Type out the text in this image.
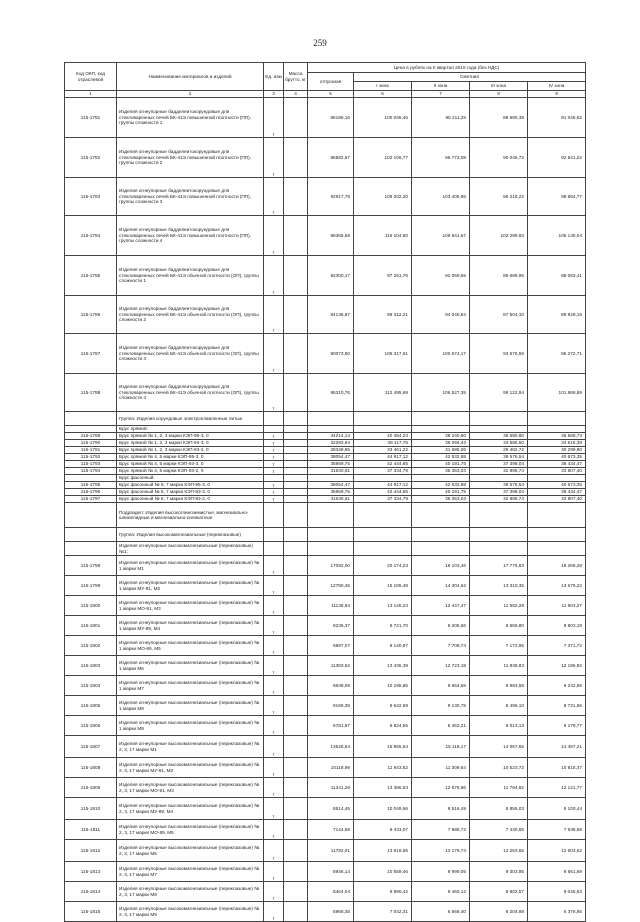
259
Код ОКП, код отраслевой	Наименование материалов и изделий	Ед. изм	Масса брутто, кг	Цена в рублях на II квартал 2016 года (без НДС)				
				отпускная	Сметная			
					I зона	II зона	III зона	IV зона
1	2	3	4	5	6	7	8	9
115-1781	Изделия огнеупорные бадделеитокорундовые для стекловаренных печей БК-41Э повышенной плотности (ПП), группы сложности 1	т		85186,16	100 046,45	95 211,25	89 590,38	91 046,62
115-1782	Изделия огнеупорные бадделеитокорундовые для стекловаренных печей БК-41Э повышенной плотности (ПП), группы сложности 2	т		86582,67	102 106,77	96 772,08	90 045,72	92 541,22
115-1783	Изделия огнеупорные бадделеитокорундовые для стекловаренных печей БК-41Э повышенной плотности (ПП), группы сложности 3	т		92917,78	109 202,20	103 405,96	96 218,22	98 884,77
115-1784	Изделия огнеупорные бадделеитокорундовые для стекловаренных печей БК-41Э повышенной плотности (ПП), группы сложности 4	т		98365,59	116 104,60	109 941,67	102 299,93	105 135,04
115-1785	Изделия огнеупорные бадделеитокорундовые для стекловаренных печей БК-41Э обычной плотности (ОП), группы сложности 1	т		82300,17	97 251,76	92 069,55	85 688,96	88 083,41
115-1786	Изделия огнеупорные бадделеитокорундовые для стекловаренных печей БК-41Э обычной плотности (ОП), группы сложности 2	т		84136,87	99 312,21	94 040,63	87 504,10	89 929,19
115-1787	Изделия огнеупорные бадделеитокорундовые для стекловаренных печей БК-41Э обычной плотности (ОП), группы сложности 3	т		90073,90	106 317,61	100 674,17	93 676,59	96 272,71
115-1788	Изделия огнеупорные бадделеитокорундовые для стекловаренных печей БК-41Э обычной плотности (ОП), группы сложности 4	т		95310,76	112 495,69	106 527,35	99 122,94	101 869,89
	Группа: Изделия корундовые электроплавленные литые							
	Брус прямой:							
115-1789	Брус прямой № 1, 2, 3 марки КЭП-95-3, 0	т		34214,14	40 384,23	38 240,60	35 580,80	36 568,73
115-1790	Брус прямой № 1, 2, 3 марки КЭП-93-3, 0	т		32293,94	38 117,75	36 094,43	33 585,60	34 516,38
115-1791	Брус прямой № 1, 2, 3 марки КЭП-93-2, 0	т		28348,85	33 461,22	31 685,06	29 482,72	30 299,80
115-1792	Брус прямой № 4, 5 марки КЭП-95-3, 0	т		38054,47	44 917,12	42 532,98	39 576,54	40 673,35
115-1793	Брус прямой № 4, 5 марки КЭП-93-3, 0	т		35959,75	42 444,65	40 191,75	37 398,04	38 434,47
115-1794	Брус прямой № 4, 5 марки КЭП-93-2, 0	т		31630,61	37 334,79	35 353,03	32 895,74	33 807,40
	Брус фасонный:							
115-1795	Брус фасонный № 6, 7 марки КЭП-95-3, 0	т		38054,47	44 917,12	42 532,98	39 576,54	40 673,35
115-1796	Брус фасонный № 6, 7 марки КЭП-93-3, 0	т		35959,75	42 444,65	40 191,75	37 398,04	38 434,47
115-1797	Брус фасонный № 6, 7 марки КЭП-93-2, 0	т		31630,61	37 334,79	35 353,03	32 895,74	33 807,40
	Подраздел: Изделия высокоглиноземистые, магнезиально-шпинелидные и магнезиально-силикатные							
	Группа: Изделия высокомагнезиальные (периклазовые)							
	Изделия огнеупорные высокомагнезиальные (периклазовые) №1:							
115-1798	Изделия огнеупорные высокомагнезиальные (периклазовые) № 1 марки М1	т		17092,00	20 174,23	19 103,46	17 775,63	18 268,28
115-1799	Изделия огнеупорные высокомагнезиальные (периклазовые) № 1 марки МУ-91, М2	т		12790,45	15 106,49	14 304,62	13 310,35	13 679,22
115-1800	Изделия огнеупорные высокомагнезиальные (периклазовые) № 1 марки МО-91, М3	т		11136,84	13 145,23	12 447,47	11 582,28	11 903,27
115-1801	Изделия огнеупорные высокомагнезиальные (периклазовые) № 1 марки МУ-89, М4	т		8236,37	9 721,70	9 205,66	8 565,80	8 803,19
115-1802	Изделия огнеупорные высокомагнезиальные (периклазовые) № 1 марки МО-89, М5	т		6897,07	8 140,87	7 708,74	7 172,95	7 371,72
115-1803	Изделия огнеупорные высокомагнезиальные (периклазовые) № 1 марки М6	т		11383,52	13 436,39	12 723,18	11 838,83	12 186,92
115-1804	Изделия огнеупорные высокомагнезиальные (периклазовые) № 1 марки М7	т		8638,08	10 195,85	9 654,65	8 983,58	9 232,55
115-1805	Изделия огнеупорные высокомагнезиальные (периклазовые) № 1 марки М8	т		8168,35	9 642,59	9 130,75	8 496,10	8 731,56
115-1806	Изделия огнеупорные высокомагнезиальные (периклазовые) № 1 марки М9	т		5781,87	6 824,56	6 462,21	6 013,13	6 179,77
115-1807	Изделия огнеупорные высокомагнезиальные (периклазовые) № 2, 3, 17 марки М1	т		13526,54	15 965,64	15 118,17	14 067,55	14 457,21
115-1808	Изделия огнеупорные высокомагнезиальные (периклазовые) № 2, 3, 17 марки МУ-91, М2	т		10118,99	11 943,62	11 309,64	10 523,72	10 815,37
115-1809	Изделия огнеупорные высокомагнезиальные (периклазовые) № 2, 3, 17 марки МО-91, М3	т		11341,28	13 386,53	12 675,96	11 794,92	12 121,77
115-1810	Изделия огнеупорные высокомагнезиальные (периклазовые) № 2, 3, 17 марки МУ-89, М4	т		8514,46	10 049,96	9 516,49	8 855,03	9 100,44
115-1811	Изделия огнеупорные высокомагнезиальные (периклазовые) № 2, 3, 17 марки МО-89, М5	т		7144,58	8 433,07	7 985,72	7 430,65	7 636,58
115-1812	Изделия огнеупорные высокомагнезиальные (периклазовые) № 2, 3, 17 марки М6	т		11792,01	13 918,55	13 179,74	12 263,65	12 603,52
115-1813	Изделия огнеупорные высокомагнезиальные (периклазовые) № 2, 3, 17 марки М7	т		8946,14	10 559,46	9 999,05	9 303,95	9 561,69
115-1814	Изделия огнеупорные высокомагнезиальные (периклазовые) № 2, 3, 17 марки М8	т		8464,04	9 990,42	9 460,12	8 802,57	9 046,53
115-1815	Изделия огнеупорные высокомагнезиальные (периклазовые) № 2, 3, 17 марки М9	т		5966,35	7 042,31	6 668,40	6 204,98	6 376,95
